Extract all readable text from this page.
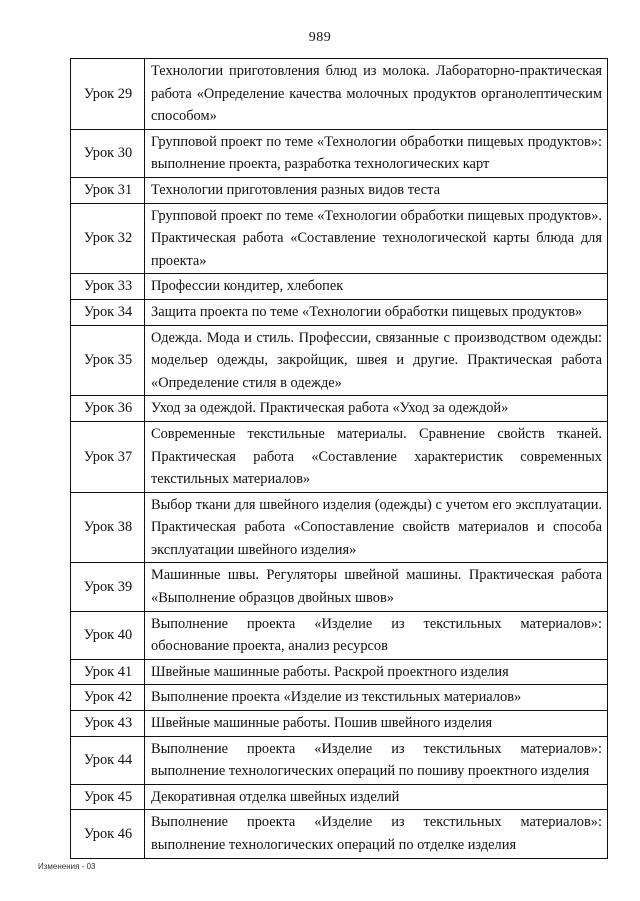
989
Урок 29	Технологии приготовления блюд из молока. Лабораторно-практическая работа «Определение качества молочных продуктов органолептическим способом»
Урок 30	Групповой проект по теме «Технологии обработки пищевых продуктов»: выполнение проекта, разработка технологических карт
Урок 31	Технологии приготовления разных видов теста
Урок 32	Групповой проект по теме «Технологии обработки пищевых продуктов». Практическая работа «Составление технологической карты блюда для проекта»
Урок 33	Профессии кондитер, хлебопек
Урок 34	Защита проекта по теме «Технологии обработки пищевых продуктов»
Урок 35	Одежда. Мода и стиль. Профессии, связанные с производством одежды: модельер одежды, закройщик, швея и другие. Практическая работа «Определение стиля в одежде»
Урок 36	Уход за одеждой. Практическая работа «Уход за одеждой»
Урок 37	Современные текстильные материалы. Сравнение свойств тканей. Практическая работа «Составление характеристик современных текстильных материалов»
Урок 38	Выбор ткани для швейного изделия (одежды) с учетом его эксплуатации. Практическая работа «Сопоставление свойств материалов и способа эксплуатации швейного изделия»
Урок 39	Машинные швы. Регуляторы швейной машины. Практическая работа «Выполнение образцов двойных швов»
Урок 40	Выполнение проекта «Изделие из текстильных материалов»: обоснование проекта, анализ ресурсов
Урок 41	Швейные машинные работы. Раскрой проектного изделия
Урок 42	Выполнение проекта «Изделие из текстильных материалов»
Урок 43	Швейные машинные работы. Пошив швейного изделия
Урок 44	Выполнение проекта «Изделие из текстильных материалов»: выполнение технологических операций по пошиву проектного изделия
Урок 45	Декоративная отделка швейных изделий
Урок 46	Выполнение проекта «Изделие из текстильных материалов»: выполнение технологических операций по отделке изделия
Изменения - 03
